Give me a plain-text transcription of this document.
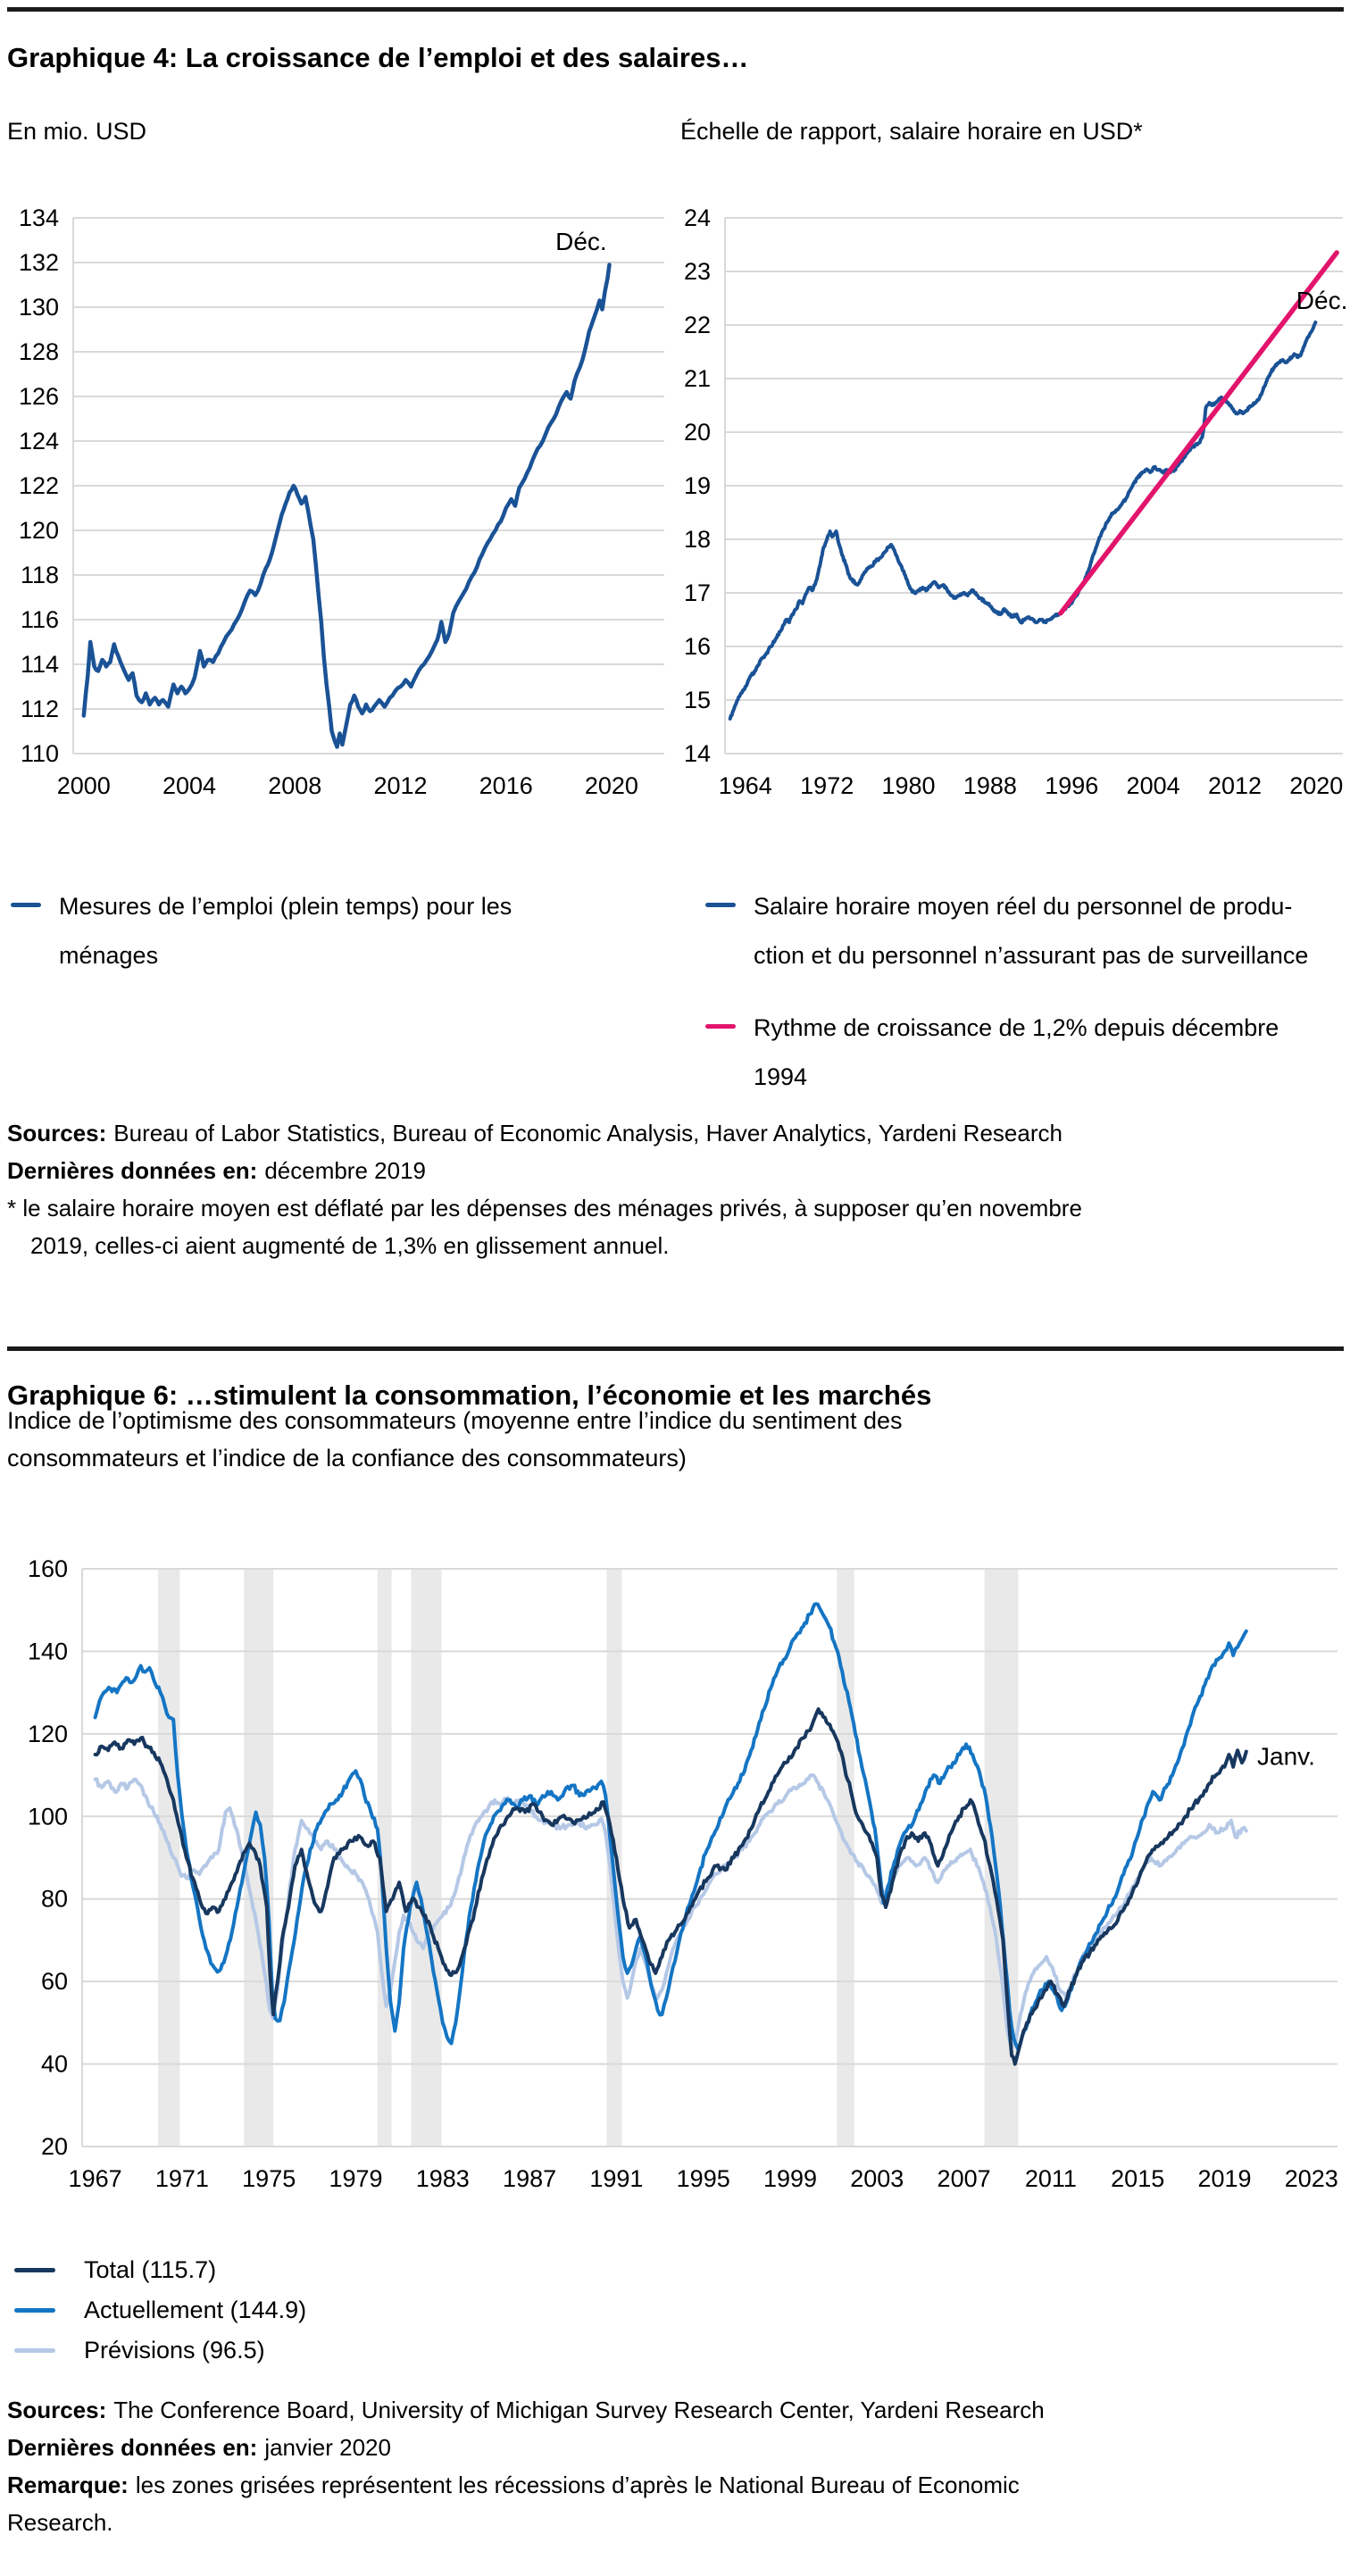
Graphique 4: La croissance de l’emploi et des salaires…
En mio. USD	Échelle de rapport, salaire horaire en USD*
134
132
130
128
126
124
122
120
118
116
114
112
110
2000 2004 2008 2012 2016 2020
Déc.
24
23
22
21
20
19
18
17
16
15
14
1964 1972 1980 1988 1996 2004 2012 2020
Déc.
Mesures de l’emploi (plein temps) pour les
ménages
Salaire horaire moyen réel du personnel de produ-
ction et du personnel n’assurant pas de surveillance
Rythme de croissance de 1,2% depuis décembre
1994

Sources: Bureau of Labor Statistics, Bureau of Economic Analysis, Haver Analytics, Yardeni Research

Dernières données en: décembre 2019

* le salaire horaire moyen est déflaté par les dépenses des ménages privés, à supposer qu’en novembre
2019, celles-ci aient augmenté de 1,3% en glissement annuel.

Graphique 6: …stimulent la consommation, l’économie et les marchés
Indice de l’optimisme des consommateurs (moyenne entre l’indice du sentiment des
consommateurs et l’indice de la confiance des consommateurs)
160
140
120
100
80
60
40
20
1967 1971 1975 1979 1983 1987 1991 1995 1999 2003 2007 2011 2015 2019 2023
Janv.
Total (115.7)
Actuellement (144.9)
Prévisions (96.5)

Sources: The Conference Board, University of Michigan Survey Research Center, Yardeni Research

Dernières données en: janvier 2020

Remarque: les zones grisées représentent les récessions d’après le National Bureau of Economic
Research.
